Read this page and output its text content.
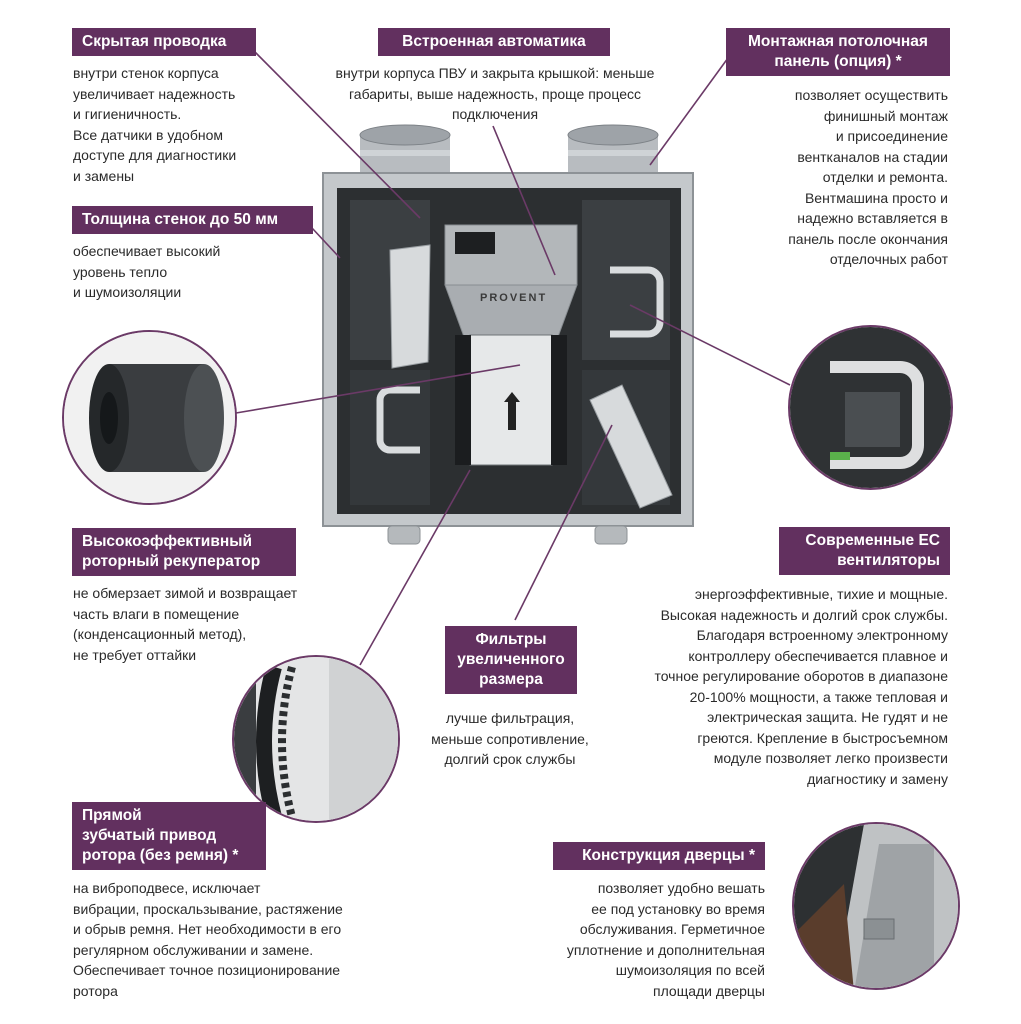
PROVENT
Скрытая проводка
внутри стенок корпуса
увеличивает надежность
и гигиеничность.
Все датчики в удобном
доступе для диагностики
и замены
Встроенная автоматика
внутри корпуса ПВУ и закрыта крышкой: меньше
габариты, выше надежность, проще процесс
подключения
Монтажная потолочная
панель (опция) *
позволяет осуществить
финишный монтаж
и присоединение
вентканалов на стадии
отделки и ремонта.
Вентмашина просто и
надежно вставляется в
панель после окончания
отделочных работ
Толщина стенок до 50 мм
обеспечивает высокий
уровень тепло
и шумоизоляции
Высокоэффективный
роторный рекуператор
не обмерзает зимой и возвращает
часть влаги в помещение
(конденсационный метод),
не требует оттайки
Современные ЕС
вентиляторы
энергоэффективные, тихие и мощные.
Высокая надежность и долгий срок службы.
Благодаря встроенному электронному
контроллеру обеспечивается плавное и
точное регулирование оборотов в диапазоне
20-100% мощности, а также тепловая и
электрическая защита. Не гудят и не
греются. Крепление в быстросъемном
модуле позволяет легко произвести
диагностику и замену
Фильтры
увеличенного
размера
лучше фильтрация,
меньше сопротивление,
долгий срок службы
Прямой
зубчатый привод
ротора (без ремня) *
на виброподвесе, исключает
вибрации, проскальзывание, растяжение
и обрыв ремня. Нет необходимости в его
регулярном обслуживании и замене.
Обеспечивает точное позиционирование
ротора
Конструкция дверцы *
позволяет удобно вешать
ее под установку во время
обслуживания. Герметичное
уплотнение и дополнительная
шумоизоляция по всей
площади дверцы
